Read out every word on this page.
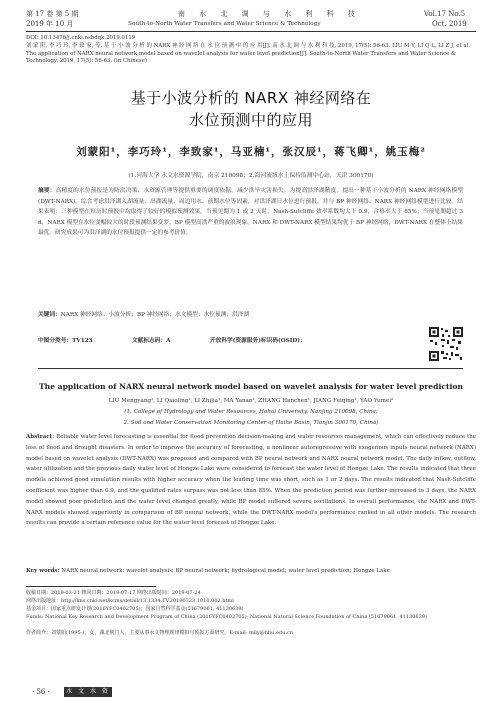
第 17 卷 第 5 期
2019 年 10 月
南 水 北 调 与 水 利 科 技
South-to-North Water Transfers and Water Science & Technology
Vol.17 No.5
Oct. 2019
DOI: 10.13476/j.cnki.nsbdqk.2019.0119
刘 蒙 阳, 李 巧 玲, 李 致 家, 等. 基 于 小 波 分 析 的 NARX 神 经 网 络 在 水 位 预 测 中 的 应 用[J]. 南 水 北 调 与 水 利 科 技, 2019, 17(5): 56-63. LIU M Y, LI Q L, LI Z J, et al. The application of NARX neural network model based on wavelet analysis for water level prediction[J]. South-to-North Water Transfers and Water Science & Technology, 2019, 17(5): 56-63. (in Chinese)
基于小波分析的 NARX 神经网络在
水位预测中的应用
刘蒙阳¹，李巧玲¹，李致家¹，马亚楠¹，张汉辰¹，蒋飞卿¹，姚玉梅²
(1.河海大学 水文水资源学院，南京 210098；2.海河流域水土保持监测中心站，天津 300170)
摘要：高精度的水位预报是为防洪决策、水资源管理等提供重要的调度依据，减少洪旱灾害损失。为提高洪泽湖精度，提出一种基于小波分析的 NARX 神经网络模型(DWT-NARX)，综合考虑洪泽湖入湖流量、出湖流量、周边用水、前期水位等因素，对洪泽湖日水位进行预报，并与 BP 神经网络、NARX 神经网络模型进行比较。结果表明：三种模型在短历时预报中均取得了较好的模拟预测效果。当预见期为 1 或 2 天时，Nash-Sutcliffe 效率系数均大于 0.9，合格率大于 85%；当预见期超过 3 d，NARX 模型在水位变幅较大的时段预测结果变差，BP 模型高洪严重的波浪现象。NARX 和 DWT-NARX 模型结果均优于 BP 神经网络，DWT-NARX 在整体上结果最优。研究成果可为洪泽湖的水位预报提供一定的参考价值。
关键词：NARX 神经网络；小波分析；BP 神经网络；水文模型；水位预测；洪泽湖
中图分类号：TV123	文献标志码：A	开放科学(资源服务)标识码(OSID)：
The application of NARX neural network model based on wavelet analysis for water level prediction
LIU Mengyang¹, LI Qiaoling¹, LI Zhijia¹, MA Yanan¹, ZHANG Hanchen¹, JIANG Feiqing¹, YAO Yumei²
(1. College of Hydrology and Water Resources, Hohai University, Nanjing 210098, China;
2. Soil and Water Conservation Monitoring Center of Haihe Basin, Tianjin 300170, China)
Abstract: Reliable water level forecasting is essential for flood prevention decision-making and water resources management, which can effectively reduce the loss of flood and drought disasters. In order to improve the accuracy of forecasting, a nonlinear autoregressive with exogenous inputs neural network (NARX) model based on wavelet analysis (DWT-NARX) was proposed and compared with BP neural network and NARX neural network model. The daily inflow, outflow, water utilization and the previous daily water level of Hongze Lake were considered to forecast the water level of Hongze Lake. The results indicated that three models achieved good simulation results with higher accuracy when the leading time was short, such as 1 or 2 days. The results indicated that Nash-Sutcliffe coefficient was higher than 0.9, and the qualified rates surpass was not less than 85%. When the prediction period was further increased to 3 days, the NARX model showed poor prediction and the water level changed greatly, while BP model suffered severe oscillations. In overall performance, the NARX and DWT-NARX models showed superiority in comparison of BP neural network, while the DWT-NARX model's performance ranked in all other models. The research results can provide a certain reference value for the water level forecast of Hongze Lake.
Key words: NARX neural network; wavelet analysis; BP neural network; hydrological model; water level prediction; Hongze Lake
收稿日期：2019-03-21 修回日期：2019-07-17 网络出版时间：2019-07-24
网络出版地址：http://kns.cnki.net/kcms/detail/13.1334.TV.20190723.1010.002.html
基金项目：国家重点研发计划(2016YFC0402705)；国家自然科学基金(51679061, 41130639)
Funds: National Key Research and Development Program of China (2016YFC0402705); National Natural Science Foundation of China (51679061, 41130639)
作者简介：刘蒙阳(1995-)，女，湖北荆门人，主要从事水文物理规律模拟与预报方面研究。E-mail: mily@hhu.edu.cn
· 56 ·	水 文 水 资 源
